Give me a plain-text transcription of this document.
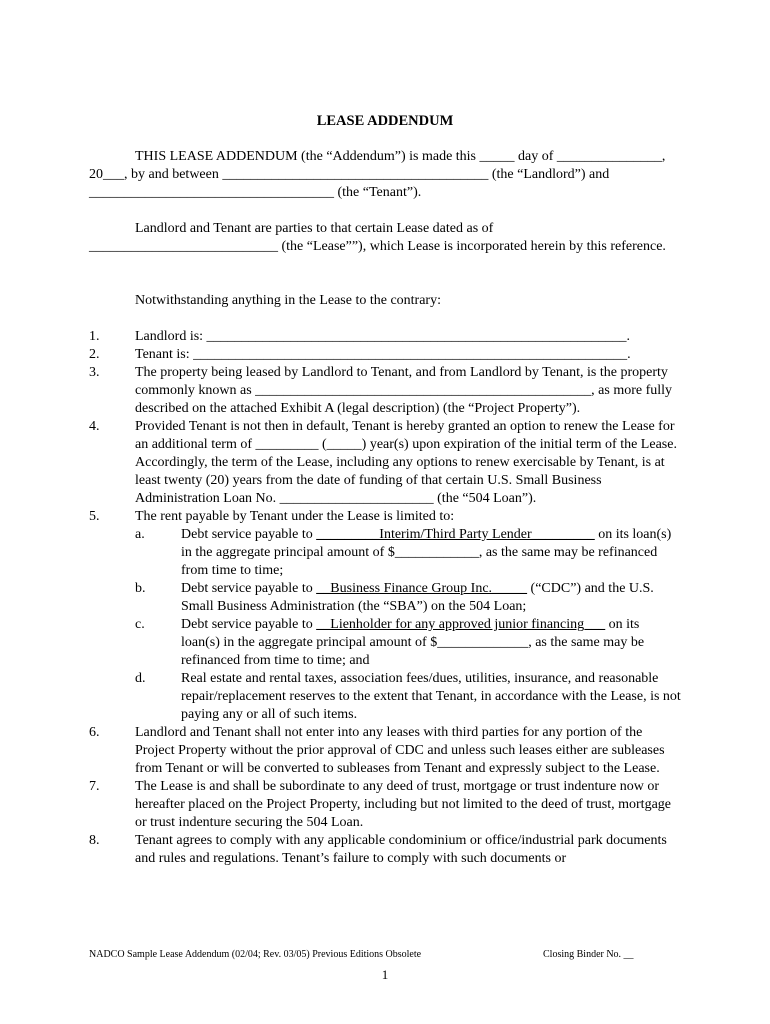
LEASE ADDENDUM
THIS LEASE ADDENDUM (the “Addendum”) is made this _____ day of _______________, 20___, by and between ______________________________________ (the “Landlord”) and ___________________________________ (the “Tenant”).
Landlord and Tenant are parties to that certain Lease dated as of ___________________________ (the “Lease””), which Lease is incorporated herein by this reference.
Notwithstanding anything in the Lease to the contrary:
1.	Landlord is: ____________________________________________________________.
2.	Tenant is: ______________________________________________________________.
3.	The property being leased by Landlord to Tenant, and from Landlord by Tenant, is the property commonly known as ________________________________________________, as more fully described on the attached Exhibit A (legal description) (the “Project Property”).
4.	Provided Tenant is not then in default, Tenant is hereby granted an option to renew the Lease for an additional term of _________ (_____) year(s) upon expiration of the initial term of the Lease. Accordingly, the term of the Lease, including any options to renew exercisable by Tenant, is at least twenty (20) years from the date of funding of that certain U.S. Small Business Administration Loan No. ______________________ (the “504 Loan”).
5.	The rent payable by Tenant under the Lease is limited to:
a.	Debt service payable to _________Interim/Third Party Lender_________ on its loan(s) in the aggregate principal amount of $____________, as the same may be refinanced from time to time;
b.	Debt service payable to __Business Finance Group Inc._____ (“CDC”) and the U.S. Small Business Administration (the “SBA”) on the 504 Loan;
c.	Debt service payable to __Lienholder for any approved junior financing___ on its loan(s) in the aggregate principal amount of $_____________, as the same may be refinanced from time to time; and
d.	Real estate and rental taxes, association fees/dues, utilities, insurance, and reasonable repair/replacement reserves to the extent that Tenant, in accordance with the Lease, is not paying any or all of such items.
6.	Landlord and Tenant shall not enter into any leases with third parties for any portion of the Project Property without the prior approval of CDC and unless such leases either are subleases from Tenant or will be converted to subleases from Tenant and expressly subject to the Lease.
7.	The Lease is and shall be subordinate to any deed of trust, mortgage or trust indenture now or hereafter placed on the Project Property, including but not limited to the deed of trust, mortgage or trust indenture securing the 504 Loan.
8.	Tenant agrees to comply with any applicable condominium or office/industrial park documents and rules and regulations. Tenant’s failure to comply with such documents or
NADCO Sample Lease Addendum (02/04; Rev. 03/05) Previous Editions Obsolete	Closing Binder No. __
1
